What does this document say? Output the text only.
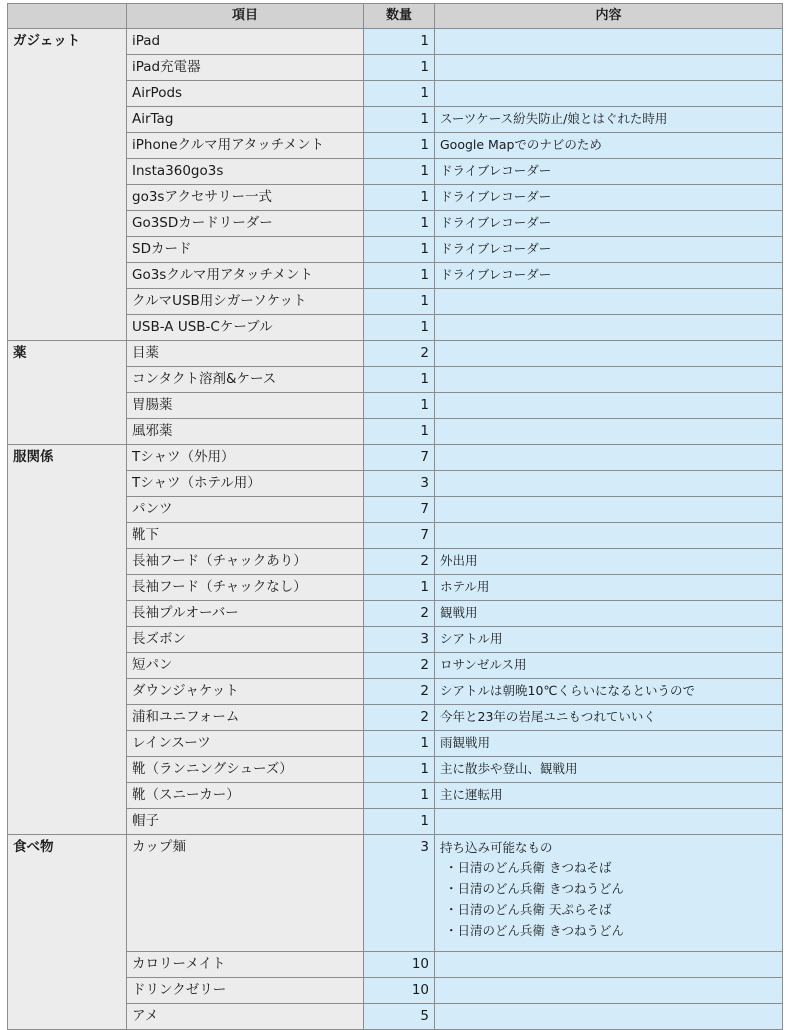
	項目	数量	内容
ガジェット	iPad	1	
	iPad充電器	1	
	AirPods	1	
	AirTag	1	スーツケース紛失防止/娘とはぐれた時用
	iPhoneクルマ用アタッチメント	1	Google Mapでのナビのため
	Insta360go3s	1	ドライブレコーダー
	go3sアクセサリー一式	1	ドライブレコーダー
	Go3SDカードリーダー	1	ドライブレコーダー
	SDカード	1	ドライブレコーダー
	Go3sクルマ用アタッチメント	1	ドライブレコーダー
	クルマUSB用シガーソケット	1	
	USB-A USB-Cケーブル	1	
薬	目薬	2	
	コンタクト溶剤&ケース	1	
	胃腸薬	1	
	風邪薬	1	
服関係	Tシャツ（外用）	7	
	Tシャツ（ホテル用）	3	
	パンツ	7	
	靴下	7	
	長袖フード（チャックあり）	2	外出用
	長袖フード（チャックなし）	1	ホテル用
	長袖プルオーバー	2	観戦用
	長ズボン	3	シアトル用
	短パン	2	ロサンゼルス用
	ダウンジャケット	2	シアトルは朝晩10℃くらいになるというので
	浦和ユニフォーム	2	今年と23年の岩尾ユニもつれていいく
	レインスーツ	1	雨観戦用
	靴（ランニングシューズ）	1	主に散歩や登山、観戦用
	靴（スニーカー）	1	主に運転用
	帽子	1	
食べ物	カップ麺	3	持ち込み可能なもの
・日清のどん兵衛 きつねそば
・日清のどん兵衛 きつねうどん
・日清のどん兵衛 天ぷらそば
・日清のどん兵衛 きつねうどん

	カロリーメイト	10	
	ドリンクゼリー	10	
	アメ	5	
